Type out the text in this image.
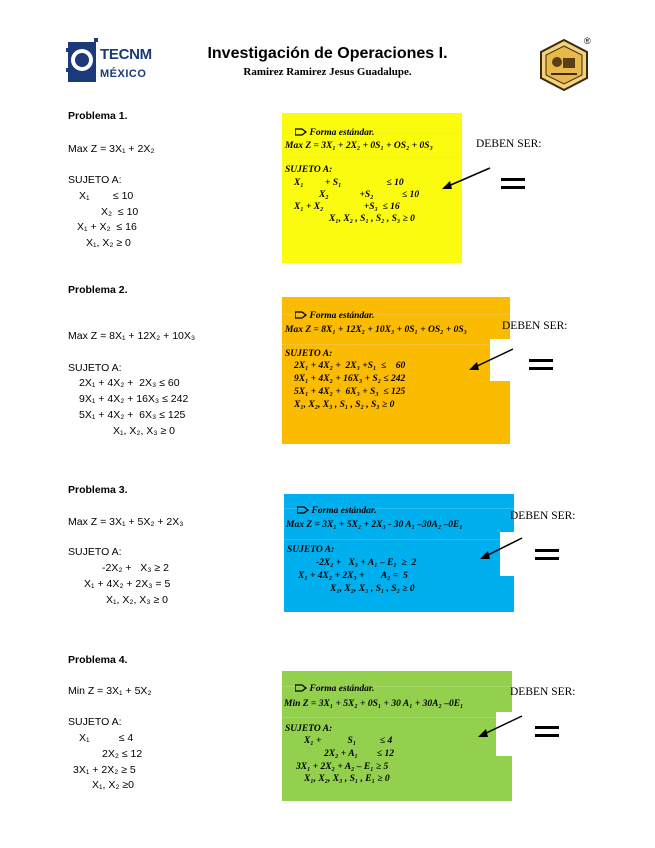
TECNM
MÉXICO
Investigación de Operaciones I.
Ramirez Ramirez Jesus Guadalupe.
®
Problema 1.
Max Z = 3X₁ + 2X₂
SUJETO A:
X₁        ≤ 10
X₂  ≤ 10
X₁ + X₂  ≤ 16
X₁, X₂ ≥ 0

Forma estándar.

Max Z = 3X₁ + 2X₂ + 0S₁ + OS₂ + 0S₃
SUJETO A:
X₁         + S₁                   ≤ 10
X₂             +S₂            ≤ 10
X₁ + X₂                 +S₃  ≤ 16
X₁, X₂ , S₁ , S₂ , S₃ ≥ 0
DEBEN SER:
Problema 2.
Max Z = 8X₁ + 12X₂ + 10X₃
SUJETO A:
2X₁ + 4X₂ +  2X₃ ≤ 60
9X₁ + 4X₂ + 16X₃ ≤ 242
5X₁ + 4X₂ +  6X₃ ≤ 125
X₁, X₂, X₃ ≥ 0

Forma estándar.

Max Z = 8X₁ + 12X₂ + 10X₃ + 0S₁ + OS₂ + 0S₃
SUJETO A:
2X₁ + 4X₂ +  2X₃ +S₁  ≤    60
9X₁ + 4X₂ + 16X₃ + S₂ ≤ 242
5X₁ + 4X₂ +  6X₃ + S₃  ≤ 125
X₁, X₂, X₃ , S₁ , S₂ , S₃ ≥ 0
DEBEN SER:
Problema 3.
Max Z = 3X₁ + 5X₂ + 2X₃
SUJETO A:
-2X₂ +   X₃ ≥ 2
X₁ + 4X₂ + 2X₃ = 5
X₁, X₂, X₃ ≥ 0

Forma estándar.

Max Z = 3X₁ + 5X₂ + 2X₃ - 30 A₁ –30A₂ –0E₁
SUJETO A:
-2X₂ +   X₃ + A₁ – E₁  ≥  2
X₁ + 4X₂ + 2X₃ +       A₂ =  5
X₁, X₂, X₃ , S₁ , S₂ ≥ 0
DEBEN SER:
Problema 4.
Min Z = 3X₁ + 5X₂
SUJETO A:
X₁          ≤ 4
2X₂ ≤ 12
3X₁ + 2X₂ ≥ 5
X₁, X₂ ≥0

Forma estándar.

Min Z = 3X₁ + 5X₂ + 0S₁ + 30 A₁ + 30A₂ –0E₁
SUJETO A:
X₁ +           S₁          ≤ 4
2X₂ + A₁        ≤ 12
3X₁ + 2X₂ + A₂ – E₁ ≥ 5
X₁, X₂, X₃ , S₁ , E₁ ≥ 0
DEBEN SER:
